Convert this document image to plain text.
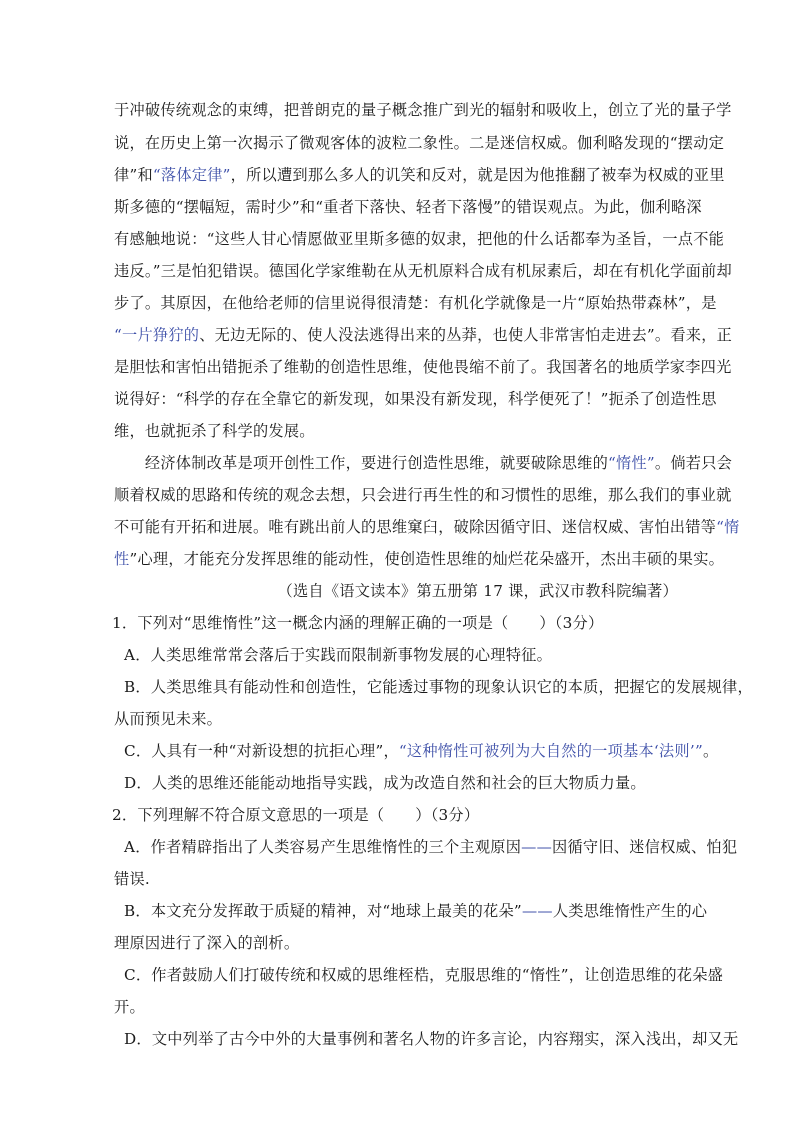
于冲破传统观念的束缚，把普朗克的量子概念推广到光的辐射和吸收上，创立了光的量子学
说，在历史上第一次揭示了微观客体的波粒二象性。二是迷信权威。伽利略发现的“摆动定
律”和“落体定律”，所以遭到那么多人的讥笑和反对，就是因为他推翻了被奉为权威的亚里
斯多德的“摆幅短，需时少”和“重者下落快、轻者下落慢”的错误观点。为此，伽利略深
有感触地说：“这些人甘心情愿做亚里斯多德的奴隶，把他的什么话都奉为圣旨，一点不能
违反。”三是怕犯错误。德国化学家维勒在从无机原料合成有机尿素后，却在有机化学面前却
步了。其原因，在他给老师的信里说得很清楚：有机化学就像是一片“原始热带森林”，是
“一片狰狞的、无边无际的、使人没法逃得出来的丛莽，也使人非常害怕走进去”。看来，正
是胆怯和害怕出错扼杀了维勒的创造性思维，使他畏缩不前了。我国著名的地质学家李四光
说得好：“科学的存在全靠它的新发现，如果没有新发现，科学便死了！”扼杀了创造性思
维，也就扼杀了科学的发展。
　　经济体制改革是项开创性工作，要进行创造性思维，就要破除思维的“惰性”。倘若只会
顺着权威的思路和传统的观念去想，只会进行再生性的和习惯性的思维，那么我们的事业就
不可能有开拓和进展。唯有跳出前人的思维窠臼，破除因循守旧、迷信权威、害怕出错等“惰
性”心理，才能充分发挥思维的能动性，使创造性思维的灿烂花朵盛开，杰出丰硕的果实。
（选自《语文读本》第五册第 17 课，武汉市教科院编著）
1．下列对“思维惰性”这一概念内涵的理解正确的一项是（　　）（3分）
A．人类思维常常会落后于实践而限制新事物发展的心理特征。
B．人类思维具有能动性和创造性，它能透过事物的现象认识它的本质，把握它的发展规律，
从而预见未来。
C．人具有一种“对新设想的抗拒心理”，“这种惰性可被列为大自然的一项基本‘法则’”。
D．人类的思维还能能动地指导实践，成为改造自然和社会的巨大物质力量。
2．下列理解不符合原文意思的一项是（　　）（3分）
A．作者精辟指出了人类容易产生思维惰性的三个主观原因——因循守旧、迷信权威、怕犯
错误.
B．本文充分发挥敢于质疑的精神，对“地球上最美的花朵”——人类思维惰性产生的心
理原因进行了深入的剖析。
C．作者鼓励人们打破传统和权威的思维桎梏，克服思维的“惰性”，让创造思维的花朵盛
开。
D．文中列举了古今中外的大量事例和著名人物的许多言论，内容翔实，深入浅出，却又无
